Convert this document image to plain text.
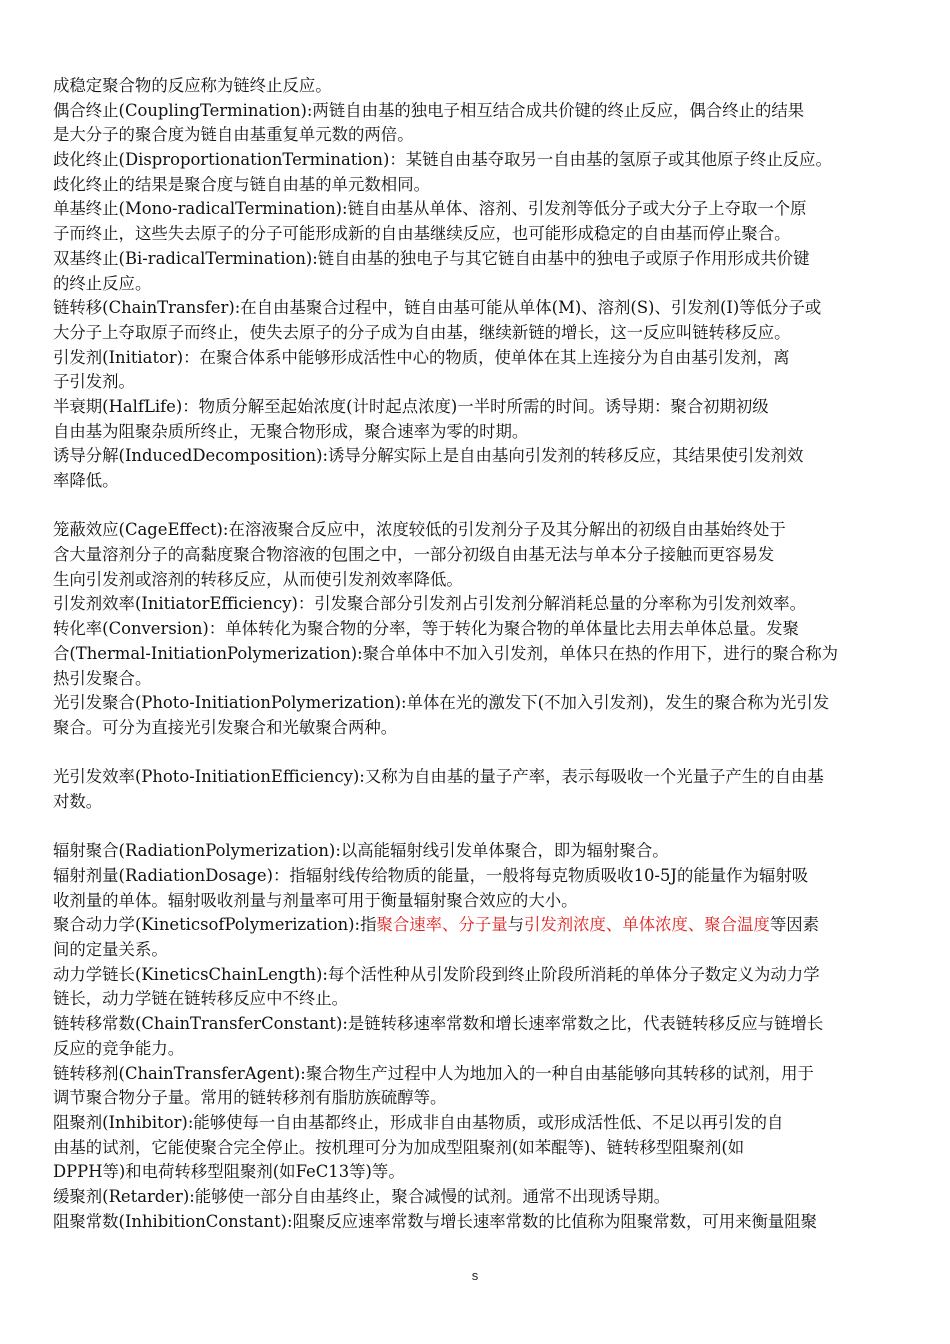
成稳定聚合物的反应称为链终止反应。
偶合终止(CouplingTermination):两链自由基的独电子相互结合成共价键的终止反应，偶合终止的结果
是大分子的聚合度为链自由基重复单元数的两倍。
歧化终止(DisproportionationTermination)：某链自由基夺取另一自由基的氢原子或其他原子终止反应。
歧化终止的结果是聚合度与链自由基的单元数相同。
单基终止(Mono-radicalTermination):链自由基从单体、溶剂、引发剂等低分子或大分子上夺取一个原
子而终止，这些失去原子的分子可能形成新的自由基继续反应，也可能形成稳定的自由基而停止聚合。
双基终止(Bi-radicalTermination):链自由基的独电子与其它链自由基中的独电子或原子作用形成共价键
的终止反应。
链转移(ChainTransfer):在自由基聚合过程中，链自由基可能从单体(M)、溶剂(S)、引发剂(I)等低分子或
大分子上夺取原子而终止，使失去原子的分子成为自由基，继续新链的增长，这一反应叫链转移反应。
引发剂(Initiator)：在聚合体系中能够形成活性中心的物质，使单体在其上连接分为自由基引发剂，离
子引发剂。
半衰期(HalfLife)：物质分解至起始浓度(计时起点浓度)一半时所需的时间。诱导期：聚合初期初级
自由基为阻聚杂质所终止，无聚合物形成，聚合速率为零的时期。
诱导分解(InducedDecomposition):诱导分解实际上是自由基向引发剂的转移反应，其结果使引发剂效
率降低。
笼蔽效应(CageEffect):在溶液聚合反应中，浓度较低的引发剂分子及其分解出的初级自由基始终处于
含大量溶剂分子的高黏度聚合物溶液的包围之中，一部分初级自由基无法与单本分子接触而更容易发
生向引发剂或溶剂的转移反应，从而使引发剂效率降低。
引发剂效率(InitiatorEfficiency)：引发聚合部分引发剂占引发剂分解消耗总量的分率称为引发剂效率。
转化率(Conversion)：单体转化为聚合物的分率，等于转化为聚合物的单体量比去用去单体总量。发聚
合(Thermal-InitiationPolymerization):聚合单体中不加入引发剂，单体只在热的作用下，进行的聚合称为
热引发聚合。
光引发聚合(Photo-InitiationPolymerization):单体在光的激发下(不加入引发剂)，发生的聚合称为光引发
聚合。可分为直接光引发聚合和光敏聚合两种。
光引发效率(Photo-InitiationEfficiency):又称为自由基的量子产率，表示每吸收一个光量子产生的自由基
对数。
辐射聚合(RadiationPolymerization):以高能辐射线引发单体聚合，即为辐射聚合。
辐射剂量(RadiationDosage)：指辐射线传给物质的能量，一般将每克物质吸收10-5J的能量作为辐射吸
收剂量的单体。辐射吸收剂量与剂量率可用于衡量辐射聚合效应的大小。
聚合动力学(KineticsofPolymerization):指聚合速率、分子量与引发剂浓度、单体浓度、聚合温度等因素
间的定量关系。
动力学链长(KineticsChainLength):每个活性种从引发阶段到终止阶段所消耗的单体分子数定义为动力学
链长，动力学链在链转移反应中不终止。
链转移常数(ChainTransferConstant):是链转移速率常数和增长速率常数之比，代表链转移反应与链增长
反应的竞争能力。
链转移剂(ChainTransferAgent):聚合物生产过程中人为地加入的一种自由基能够向其转移的试剂，用于
调节聚合物分子量。常用的链转移剂有脂肪族硫醇等。
阻聚剂(Inhibitor):能够使每一自由基都终止，形成非自由基物质，或形成活性低、不足以再引发的自
由基的试剂，它能使聚合完全停止。按机理可分为加成型阻聚剂(如苯醌等)、链转移型阻聚剂(如
DPPH等)和电荷转移型阻聚剂(如FeC13等)等。
缓聚剂(Retarder):能够使一部分自由基终止，聚合减慢的试剂。通常不出现诱导期。
阻聚常数(InhibitionConstant):阻聚反应速率常数与增长速率常数的比值称为阻聚常数，可用来衡量阻聚
s
